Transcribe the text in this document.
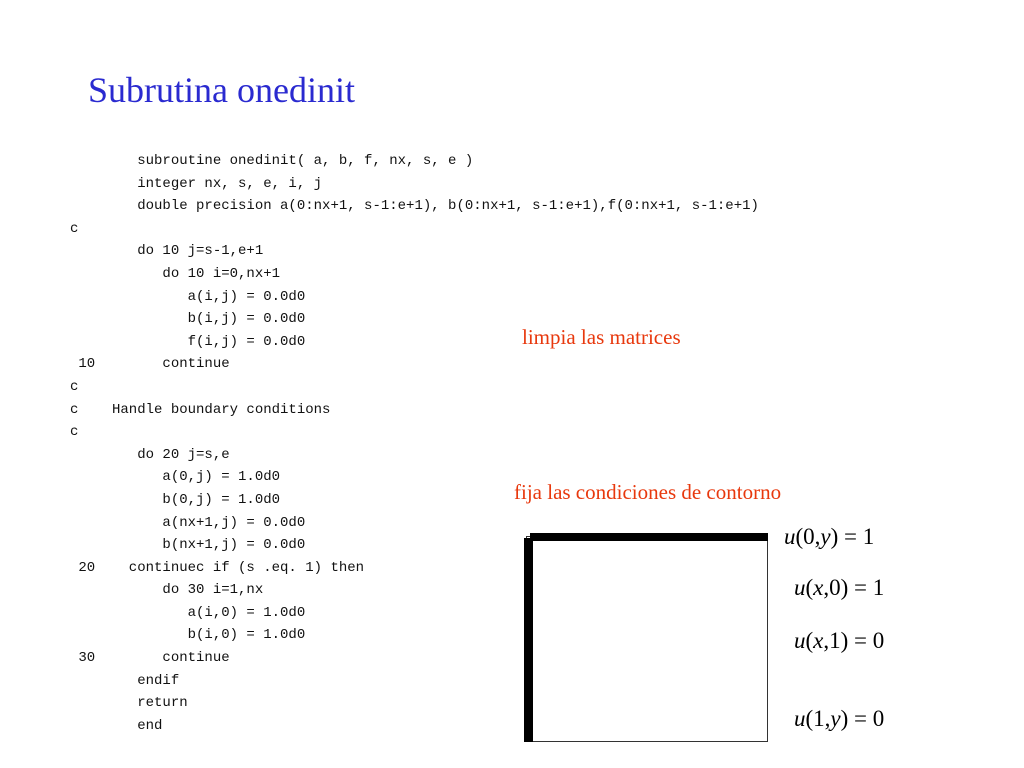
Subrutina onedinit
subroutine onedinit( a, b, f, nx, s, e )
integer nx, s, e, i, j
double precision a(0:nx+1, s-1:e+1), b(0:nx+1, s-1:e+1),f(0:nx+1, s-1:e+1)
c
do 10 j=s-1,e+1
do 10 i=0,nx+1
a(i,j) = 0.0d0
b(i,j) = 0.0d0
f(i,j) = 0.0d0
10        continue
c
c    Handle boundary conditions
c
do 20 j=s,e
a(0,j) = 1.0d0
b(0,j) = 1.0d0
a(nx+1,j) = 0.0d0
b(nx+1,j) = 0.0d0
20    continuec if (s .eq. 1) then
do 30 i=1,nx
a(i,0) = 1.0d0
b(i,0) = 1.0d0
30        continue
endif
return
end
limpia las matrices
fija las condiciones de contorno
u(0,y) = 1
u(x,0) = 1
u(x,1) = 0
u(1,y) = 0
